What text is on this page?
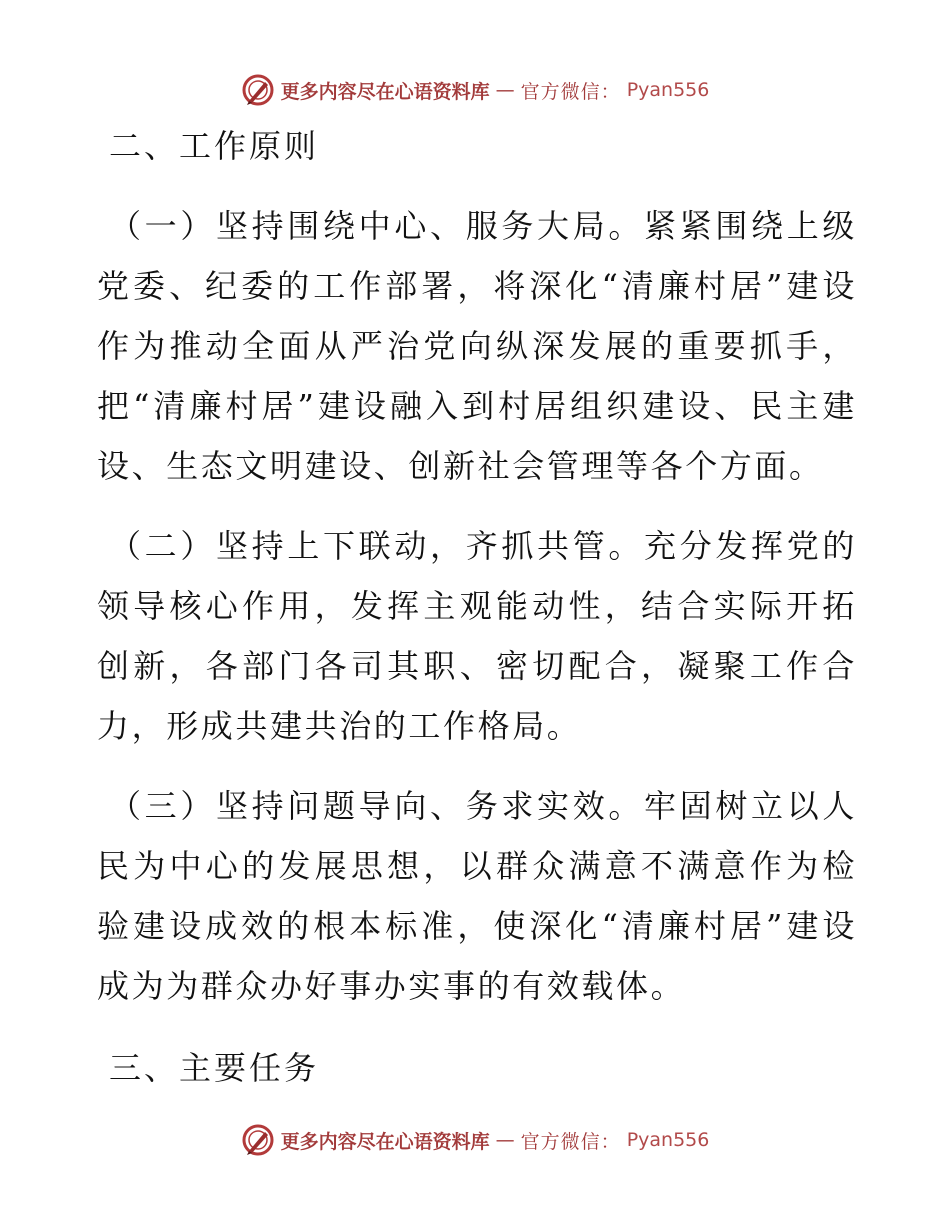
更多内容尽在心语资料库 — 官方微信： Pyan556
二、工作原则

（一）坚持围绕中心、服务大局。紧紧围绕上级党委、纪委的工作部署，将深化“清廉村居”建设作为推动全面从严治党向纵深发展的重要抓手，把“清廉村居”建设融入到村居组织建设、民主建设、生态文明建设、创新社会管理等各个方面。

（二）坚持上下联动，齐抓共管。充分发挥党的领导核心作用，发挥主观能动性，结合实际开拓创新，各部门各司其职、密切配合，凝聚工作合力，形成共建共治的工作格局。

（三）坚持问题导向、务求实效。牢固树立以人民为中心的发展思想，以群众满意不满意作为检验建设成效的根本标准，使深化“清廉村居”建设成为为群众办好事办实事的有效载体。

三、主要任务
更多内容尽在心语资料库 — 官方微信： Pyan556
